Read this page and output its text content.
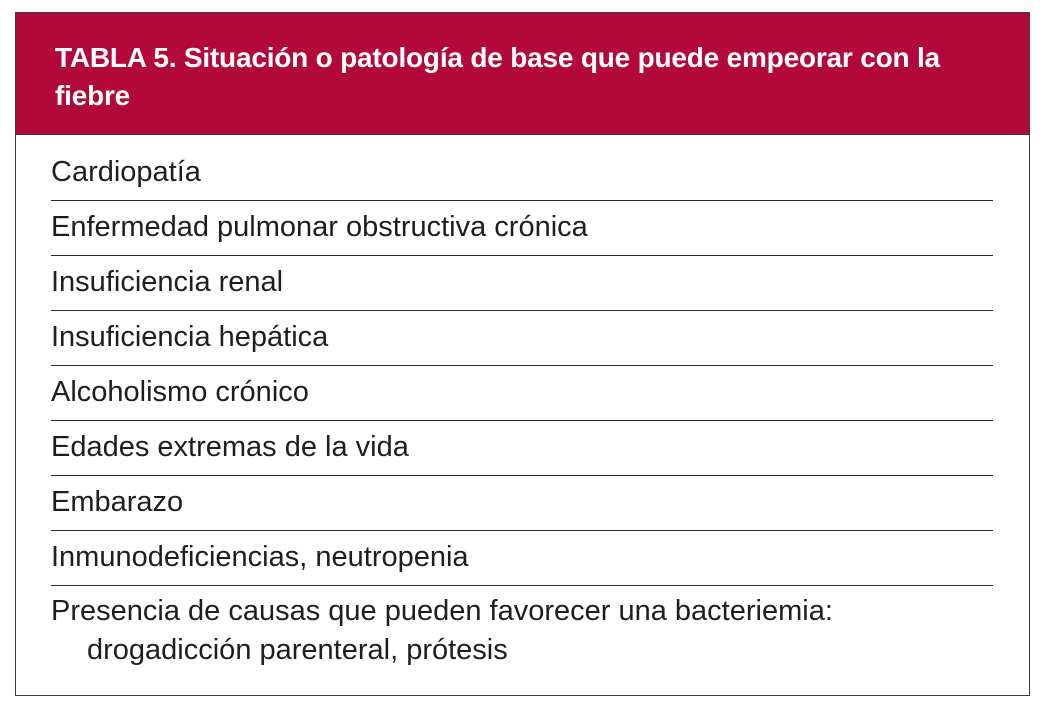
TABLA 5. Situación o patología de base que puede empeorar con la fiebre
Cardiopatía
Enfermedad pulmonar obstructiva crónica
Insuficiencia renal
Insuficiencia hepática
Alcoholismo crónico
Edades extremas de la vida
Embarazo
Inmunodeficiencias, neutropenia
Presencia de causas que pueden favorecer una bacteriemia: drogadicción parenteral, prótesis
